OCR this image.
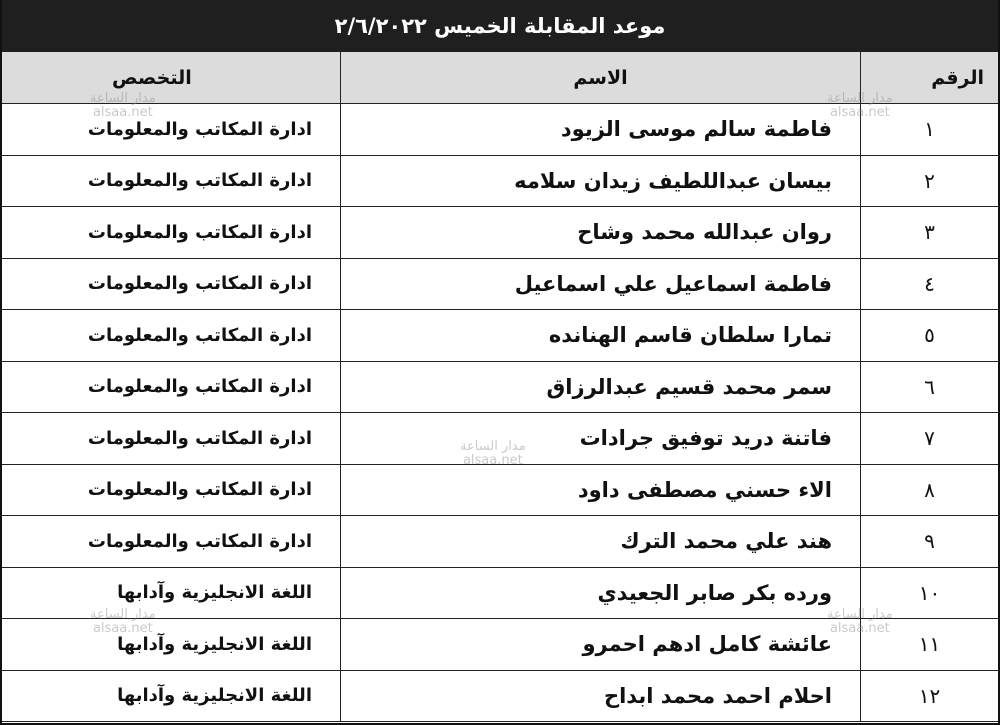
موعد المقابلة الخميس ٢/٦/٢٠٢٢
الرقم
الاسم
التخصص
١
فاطمة سالم موسى الزيود
ادارة المكاتب والمعلومات
٢
بيسان عبداللطيف زيدان سلامه
ادارة المكاتب والمعلومات
٣
روان عبدالله محمد وشاح
ادارة المكاتب والمعلومات
٤
فاطمة اسماعيل علي اسماعيل
ادارة المكاتب والمعلومات
٥
تمارا سلطان قاسم الهنانده
ادارة المكاتب والمعلومات
٦
سمر محمد قسيم عبدالرزاق
ادارة المكاتب والمعلومات
٧
فاتنة دريد توفيق جرادات
ادارة المكاتب والمعلومات
٨
الاء حسني مصطفى داود
ادارة المكاتب والمعلومات
٩
هند علي محمد الترك
ادارة المكاتب والمعلومات
١٠
ورده بكر صابر الجعيدي
اللغة الانجليزية وآدابها
١١
عائشة كامل ادهم احمرو
اللغة الانجليزية وآدابها
١٢
احلام احمد محمد ابداح
اللغة الانجليزية وآدابها
مدار الساعة
alsaa.net
مدار الساعة
alsaa.net
مدار الساعة
alsaa.net
مدار الساعة
alsaa.net
مدار الساعة
alsaa.net
